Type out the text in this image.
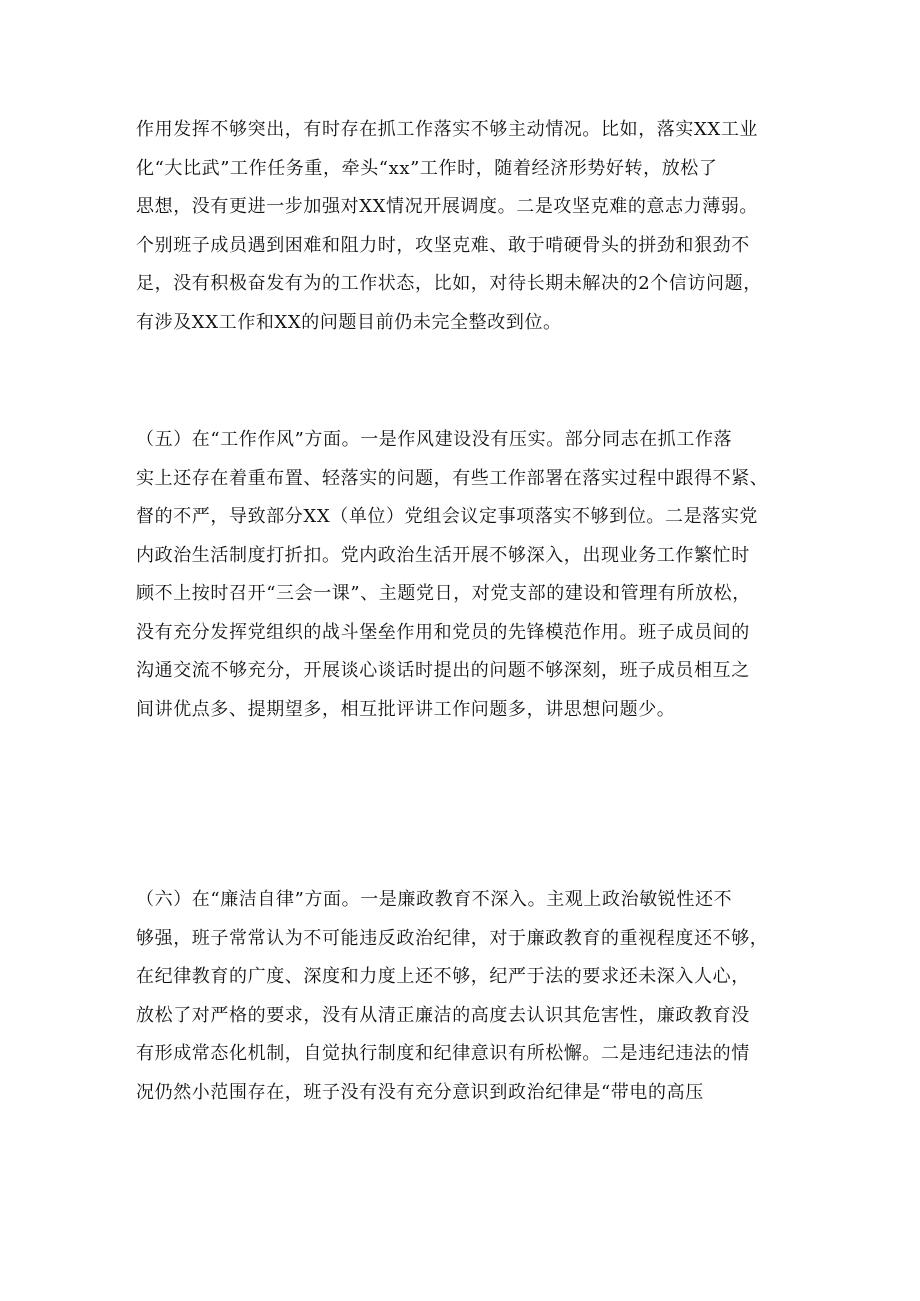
作用发挥不够突出，有时存在抓工作落实不够主动情况。比如，落实XX工业
化“大比武”工作任务重，牵头“xx”工作时，随着经济形势好转，放松了
思想，没有更进一步加强对XX情况开展调度。二是攻坚克难的意志力薄弱。
个别班子成员遇到困难和阻力时，攻坚克难、敢于啃硬骨头的拼劲和狠劲不
足，没有积极奋发有为的工作状态，比如，对待长期未解决的2个信访问题，
有涉及XX工作和XX的问题目前仍未完全整改到位。
（五）在“工作作风”方面。一是作风建设没有压实。部分同志在抓工作落
实上还存在着重布置、轻落实的问题，有些工作部署在落实过程中跟得不紧、
督的不严，导致部分XX（单位）党组会议定事项落实不够到位。二是落实党
内政治生活制度打折扣。党内政治生活开展不够深入，出现业务工作繁忙时
顾不上按时召开“三会一课”、主题党日，对党支部的建设和管理有所放松，
没有充分发挥党组织的战斗堡垒作用和党员的先锋模范作用。班子成员间的
沟通交流不够充分，开展谈心谈话时提出的问题不够深刻，班子成员相互之
间讲优点多、提期望多，相互批评讲工作问题多，讲思想问题少。
（六）在“廉洁自律”方面。一是廉政教育不深入。主观上政治敏锐性还不
够强，班子常常认为不可能违反政治纪律，对于廉政教育的重视程度还不够，
在纪律教育的广度、深度和力度上还不够，纪严于法的要求还未深入人心，
放松了对严格的要求，没有从清正廉洁的高度去认识其危害性，廉政教育没
有形成常态化机制，自觉执行制度和纪律意识有所松懈。二是违纪违法的情
况仍然小范围存在，班子没有没有充分意识到政治纪律是“带电的高压
